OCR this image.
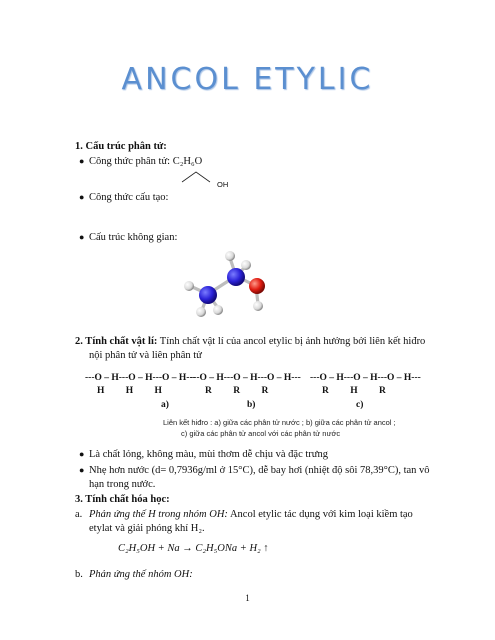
ANCOL ETYLIC
1. Cấu trúc phân tử:
● Công thức phân tử: C₂H₆O
OH
● Công thức cấu tạo:
● Cấu trúc không gian:
2. Tính chất vật lí: Tính chất vật lí của ancol etylic bị ảnh hưởng bởi liên kết hiđro
nội phân tử và liên phân tử
---O – H---O – H---O – H---
H         H         H
---O – H---O – H---O – H---
R         R         R
---O – H---O – H---O – H---
R         H         R
a)	b)	c)
Liên kết hiđro : a) giữa các phân tử nước ; b) giữa các phân tử ancol ;
c) giữa các phân tử ancol với các phân tử nước
● Là chất lỏng, không màu, mùi thơm dễ chịu và đặc trưng
● Nhẹ hơn nước (d= 0,7936g/ml ở 15°C), dễ bay hơi (nhiệt độ sôi 78,39°C), tan vô
hạn trong nước.
3. Tính chất hóa học:
a. Phản ứng thế H trong nhóm OH: Ancol etylic tác dụng với kim loại kiềm tạo
etylat và giải phóng khí H₂.
C₂H₅OH + Na → C₂H₅ONa + H₂ ↑
b. Phản ứng thế nhóm OH:
1
